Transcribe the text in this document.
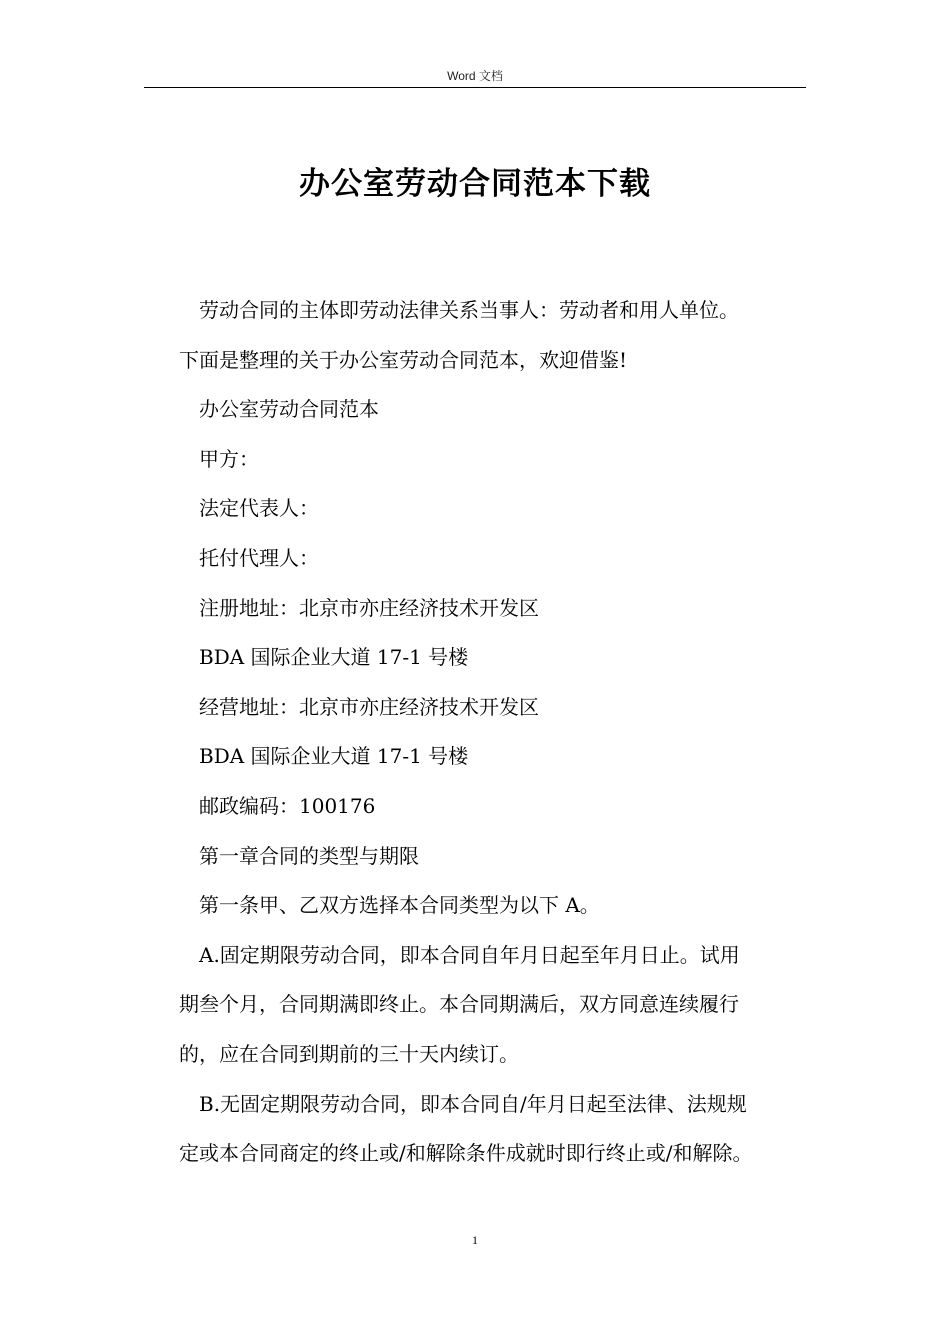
Word 文档
办公室劳动合同范本下载

劳动合同的主体即劳动法律关系当事人：劳动者和用人单位。
下面是整理的关于办公室劳动合同范本，欢迎借鉴!

办公室劳动合同范本

甲方：

法定代表人：

托付代理人：

注册地址：北京市亦庄经济技术开发区

BDA 国际企业大道 17-1 号楼

经营地址：北京市亦庄经济技术开发区

BDA 国际企业大道 17-1 号楼

邮政编码：100176

第一章合同的类型与期限

第一条甲、乙双方选择本合同类型为以下 A。

A.固定期限劳动合同，即本合同自年月日起至年月日止。试用
期叁个月，合同期满即终止。本合同期满后，双方同意连续履行
的，应在合同到期前的三十天内续订。

B.无固定期限劳动合同，即本合同自/年月日起至法律、法规规
定或本合同商定的终止或/和解除条件成就时即行终止或/和解除。

1
